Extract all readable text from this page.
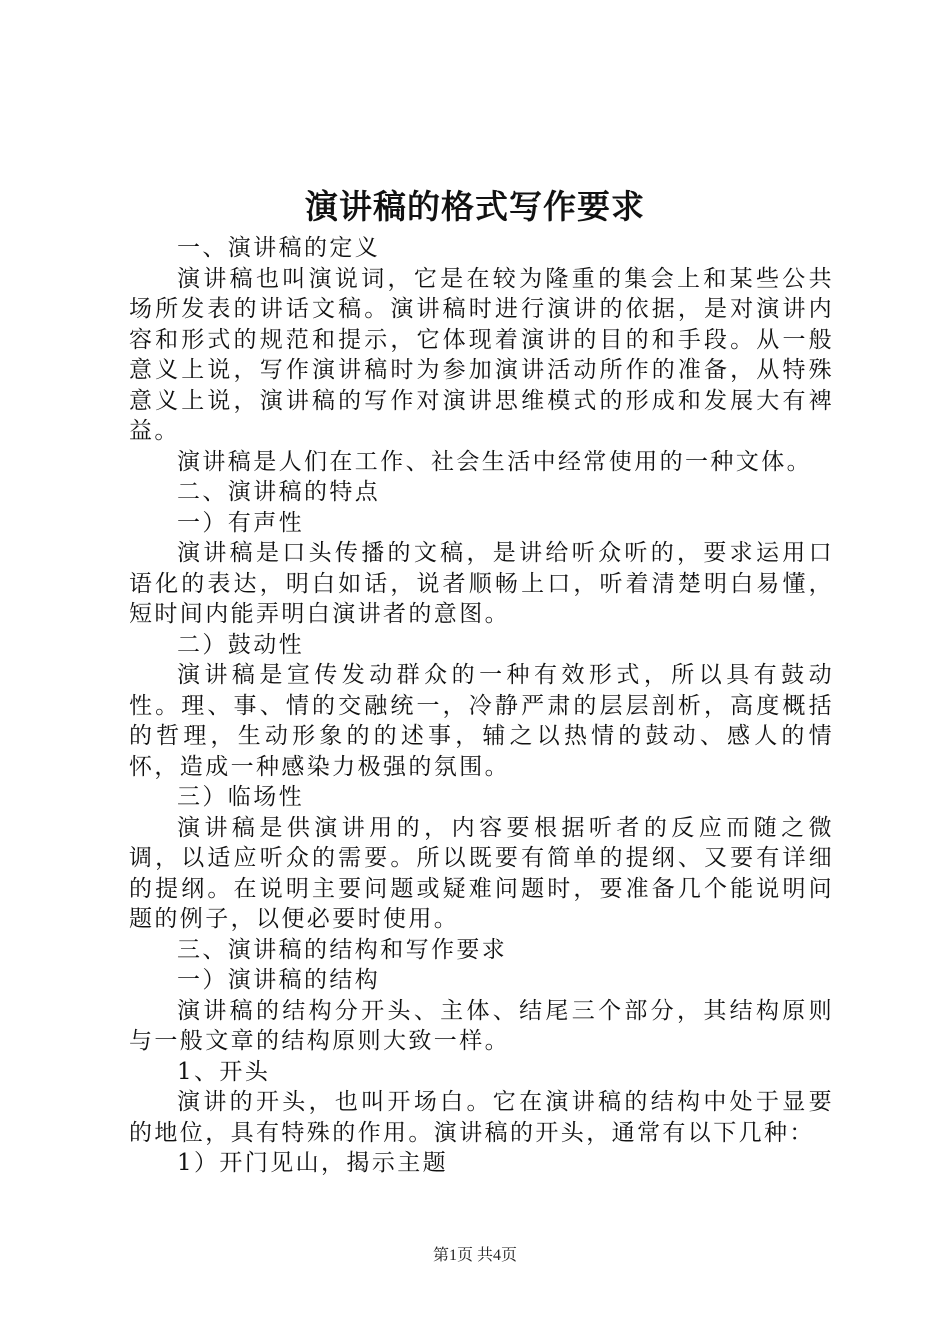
演讲稿的格式写作要求

一、演讲稿的定义

演讲稿也叫演说词，它是在较为隆重的集会上和某些公共场所发表的讲话文稿。演讲稿时进行演讲的依据，是对演讲内容和形式的规范和提示，它体现着演讲的目的和手段。从一般意义上说，写作演讲稿时为参加演讲活动所作的准备，从特殊意义上说，演讲稿的写作对演讲思维模式的形成和发展大有裨益。

演讲稿是人们在工作、社会生活中经常使用的一种文体。

二、演讲稿的特点

一）有声性

演讲稿是口头传播的文稿，是讲给听众听的，要求运用口语化的表达，明白如话，说者顺畅上口，听着清楚明白易懂，短时间内能弄明白演讲者的意图。

二）鼓动性

演讲稿是宣传发动群众的一种有效形式，所以具有鼓动性。理、事、情的交融统一，冷静严肃的层层剖析，高度概括的哲理，生动形象的的述事，辅之以热情的鼓动、感人的情怀，造成一种感染力极强的氛围。

三）临场性

演讲稿是供演讲用的，内容要根据听者的反应而随之微调，以适应听众的需要。所以既要有简单的提纲、又要有详细的提纲。在说明主要问题或疑难问题时，要准备几个能说明问题的例子，以便必要时使用。

三、演讲稿的结构和写作要求

一）演讲稿的结构

演讲稿的结构分开头、主体、结尾三个部分，其结构原则与一般文章的结构原则大致一样。

1、开头

演讲的开头，也叫开场白。它在演讲稿的结构中处于显要的地位，具有特殊的作用。演讲稿的开头，通常有以下几种：

1）开门见山，揭示主题

第1页 共4页
